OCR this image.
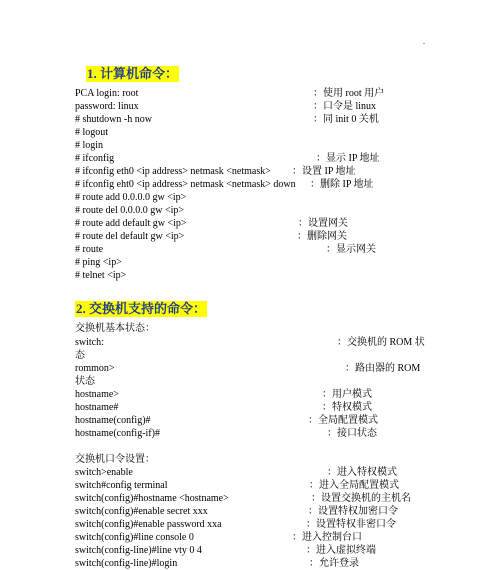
.
1. 计算机命令：
PCA login: root	：使用 root 用户
password: linux	：口令是 linux
# shutdown -h now	：同 init 0 关机
# logout
# login
# ifconfig	：显示 IP 地址
# ifconfig eth0 <ip address> netmask <netmask> ：设置 IP 地址
# ifconfig eht0 <ip address> netmask <netmask> down ：删除 IP 地址
# route add 0.0.0.0 gw <ip>
# route del 0.0.0.0 gw <ip>
# route add default gw <ip>	：设置网关
# route del default gw <ip>	：删除网关
# route	：显示网关
# ping <ip>
# telnet <ip>
2. 交换机支持的命令：
交换机基本状态：
switch:	：交换机的 ROM 状
态
rommon>	：路由器的 ROM
状态
hostname>	：用户模式
hostname#	：特权模式
hostname(config)#	：全局配置模式
hostname(config-if)#	：接口状态
交换机口令设置：
switch>enable	：进入特权模式
switch#config terminal	：进入全局配置模式
switch(config)#hostname <hostname>	：设置交换机的主机名
switch(config)#enable secret xxx	：设置特权加密口令
switch(config)#enable password xxa	：设置特权非密口令
switch(config)#line console 0	：进入控制台口
switch(config-line)#line vty 0 4	：进入虚拟终端
switch(config-line)#login	：允许登录
